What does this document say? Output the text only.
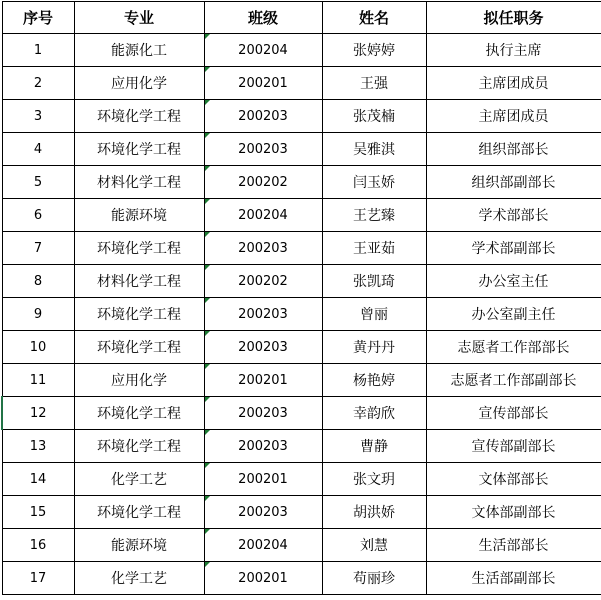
序号	专业	班级	姓名	拟任职务
1	能源化工	200204	张婷婷	执行主席
2	应用化学	200201	王强	主席团成员
3	环境化学工程	200203	张茂楠	主席团成员
4	环境化学工程	200203	吴雅淇	组织部部长
5	材料化学工程	200202	闫玉娇	组织部副部长
6	能源环境	200204	王艺臻	学术部部长
7	环境化学工程	200203	王亚茹	学术部副部长
8	材料化学工程	200202	张凯琦	办公室主任
9	环境化学工程	200203	曾丽	办公室副主任
10	环境化学工程	200203	黄丹丹	志愿者工作部部长
11	应用化学	200201	杨艳婷	志愿者工作部副部长
12	环境化学工程	200203	幸韵欣	宣传部部长
13	环境化学工程	200203	曹静	宣传部副部长
14	化学工艺	200201	张文玥	文体部部长
15	环境化学工程	200203	胡洪娇	文体部副部长
16	能源环境	200204	刘慧	生活部部长
17	化学工艺	200201	苟丽珍	生活部副部长
